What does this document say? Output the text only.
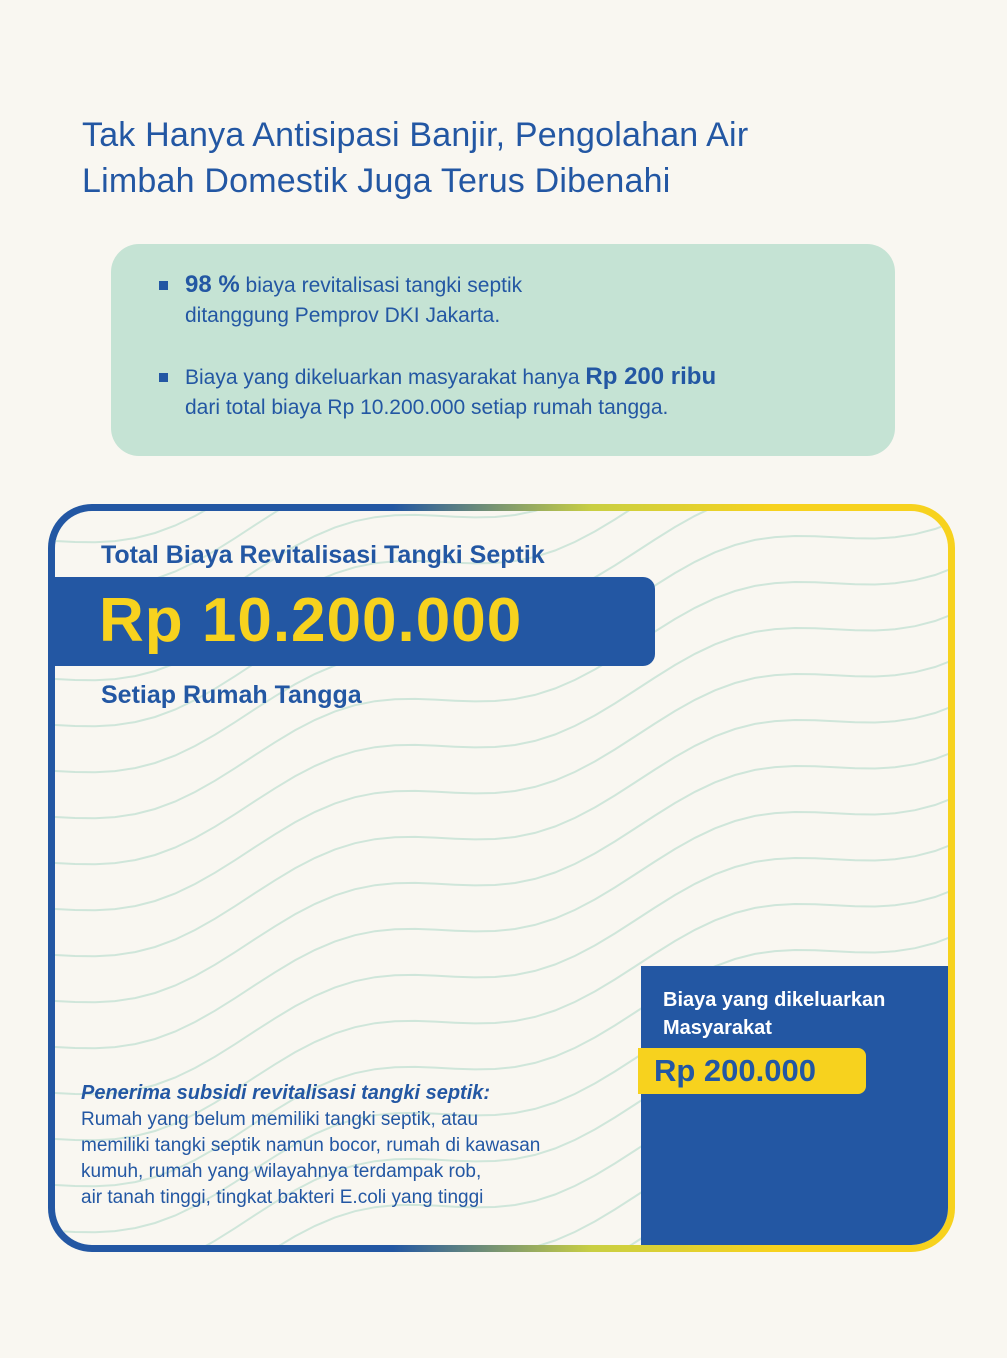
Tak Hanya Antisipasi Banjir, Pengolahan Air
Limbah Domestik Juga Terus Dibenahi
98 % biaya revitalisasi tangki septik
ditanggung Pemprov DKI Jakarta.
Biaya yang dikeluarkan masyarakat hanya Rp 200 ribu
dari total biaya Rp 10.200.000 setiap rumah tangga.
Total Biaya Revitalisasi Tangki Septik
Rp 10.200.000
Setiap Rumah Tangga
Penerima subsidi revitalisasi tangki septik:
Rumah yang belum memiliki tangki septik, atau
memiliki tangki septik namun bocor, rumah di kawasan
kumuh, rumah yang wilayahnya terdampak rob,
air tanah tinggi, tingkat bakteri E.coli yang tinggi
Biaya yang dikeluarkan
Masyarakat
Rp 200.000
